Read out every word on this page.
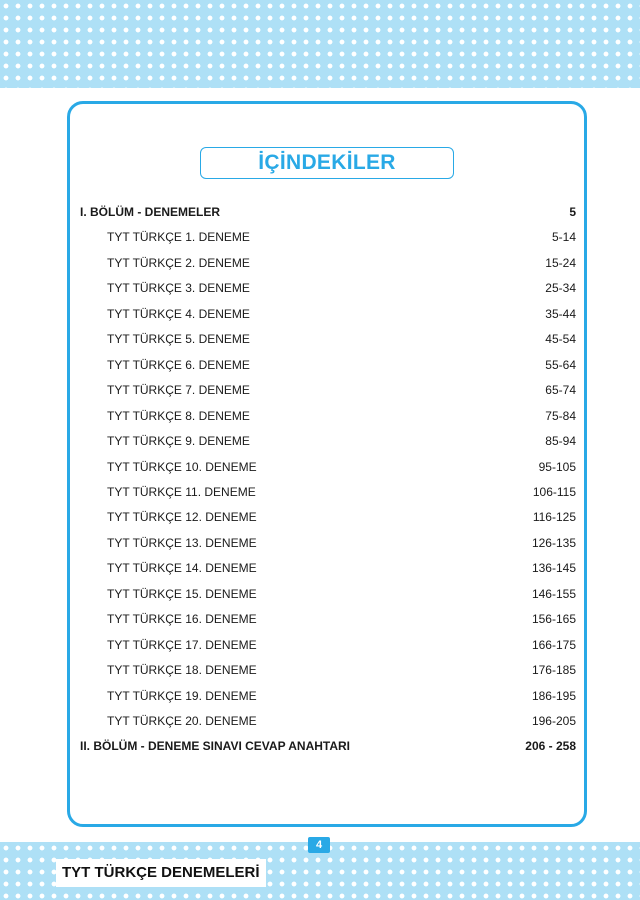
İÇİNDEKİLER
I. BÖLÜM - DENEMELER	5
TYT TÜRKÇE 1. DENEME	5-14
TYT TÜRKÇE 2. DENEME	15-24
TYT TÜRKÇE 3. DENEME	25-34
TYT TÜRKÇE 4. DENEME	35-44
TYT TÜRKÇE 5. DENEME	45-54
TYT TÜRKÇE 6. DENEME	55-64
TYT TÜRKÇE 7. DENEME	65-74
TYT TÜRKÇE 8. DENEME	75-84
TYT TÜRKÇE 9. DENEME	85-94
TYT TÜRKÇE 10. DENEME	95-105
TYT TÜRKÇE 11. DENEME	106-115
TYT TÜRKÇE 12. DENEME	116-125
TYT TÜRKÇE 13. DENEME	126-135
TYT TÜRKÇE 14. DENEME	136-145
TYT TÜRKÇE 15. DENEME	146-155
TYT TÜRKÇE 16. DENEME	156-165
TYT TÜRKÇE 17. DENEME	166-175
TYT TÜRKÇE 18. DENEME	176-185
TYT TÜRKÇE 19. DENEME	186-195
TYT TÜRKÇE 20. DENEME	196-205
II. BÖLÜM - DENEME SINAVI CEVAP ANAHTARI	206 - 258
4
TYT TÜRKÇE DENEMELERİ
